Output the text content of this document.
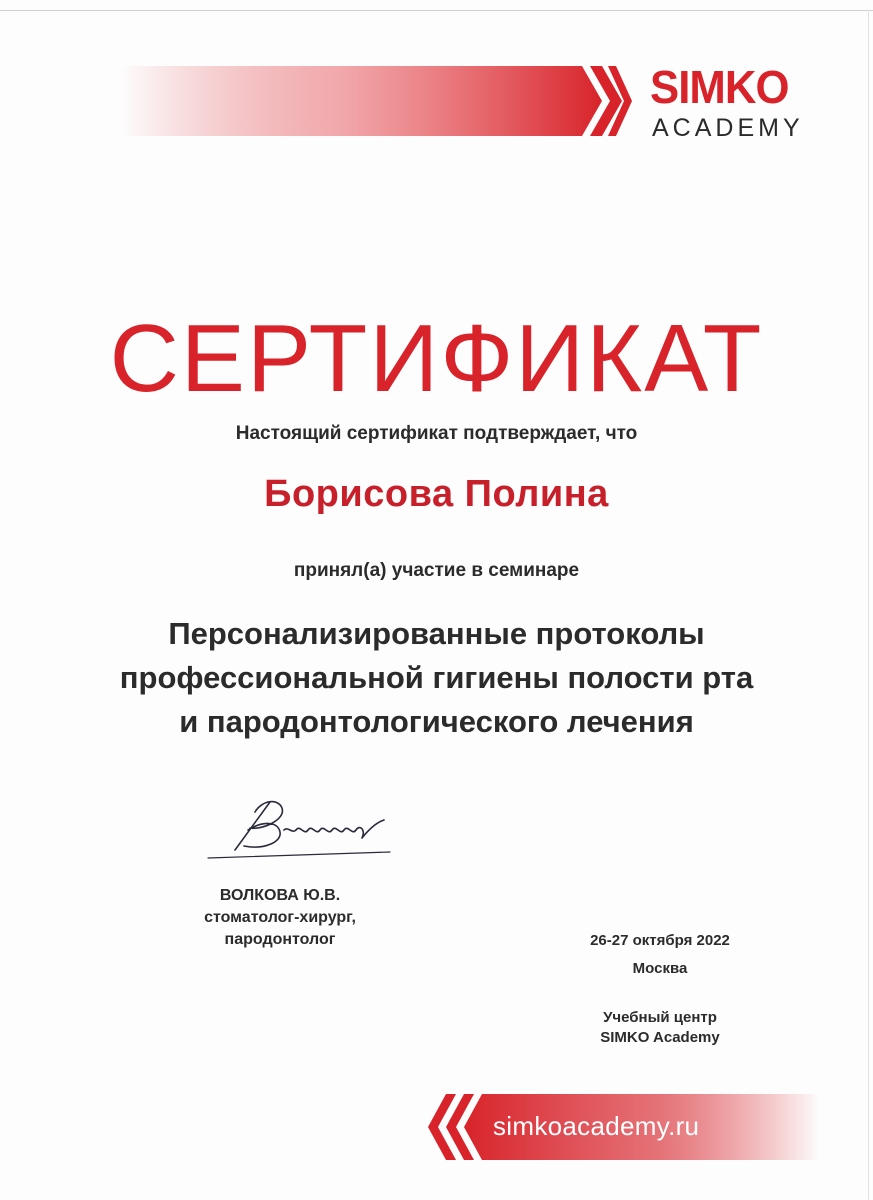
SIMKO
ACADEMY
СЕРТИФИКАТ
Настоящий сертификат подтверждает, что
Борисова Полина
принял(а) участие в семинаре
Персонализированные протоколы
профессиональной гигиены полости рта
и пародонтологического лечения
ВОЛКОВА Ю.В.
стоматолог-хирург,
пародонтолог	26-27 октября 2022
Москва
Учебный центр
SIMKO Academy
simkoacademy.ru
